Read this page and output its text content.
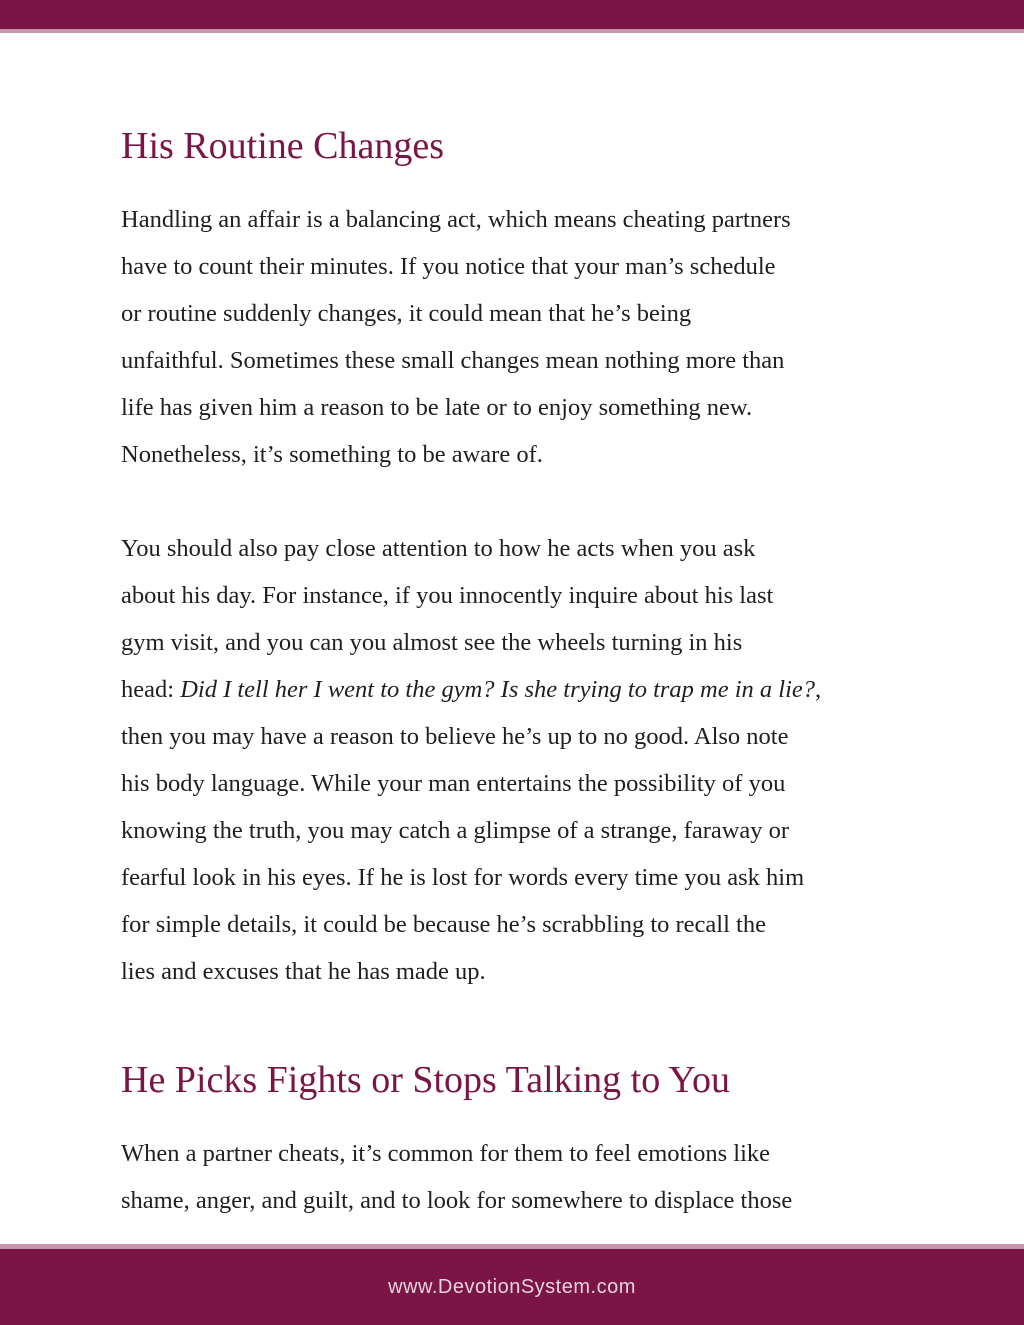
His Routine Changes

Handling an affair is a balancing act, which means cheating partners
have to count their minutes. If you notice that your man’s schedule
or routine suddenly changes, it could mean that he’s being
unfaithful. Sometimes these small changes mean nothing more than
life has given him a reason to be late or to enjoy something new.
Nonetheless, it’s something to be aware of.

You should also pay close attention to how he acts when you ask
about his day. For instance, if you innocently inquire about his last
gym visit, and you can you almost see the wheels turning in his
head: Did I tell her I went to the gym? Is she trying to trap me in a lie?,
then you may have a reason to believe he’s up to no good. Also note
his body language. While your man entertains the possibility of you
knowing the truth, you may catch a glimpse of a strange, faraway or
fearful look in his eyes. If he is lost for words every time you ask him
for simple details, it could be because he’s scrabbling to recall the
lies and excuses that he has made up.

He Picks Fights or Stops Talking to You

When a partner cheats, it’s common for them to feel emotions like
shame, anger, and guilt, and to look for somewhere to displace those

www.DevotionSystem.com
